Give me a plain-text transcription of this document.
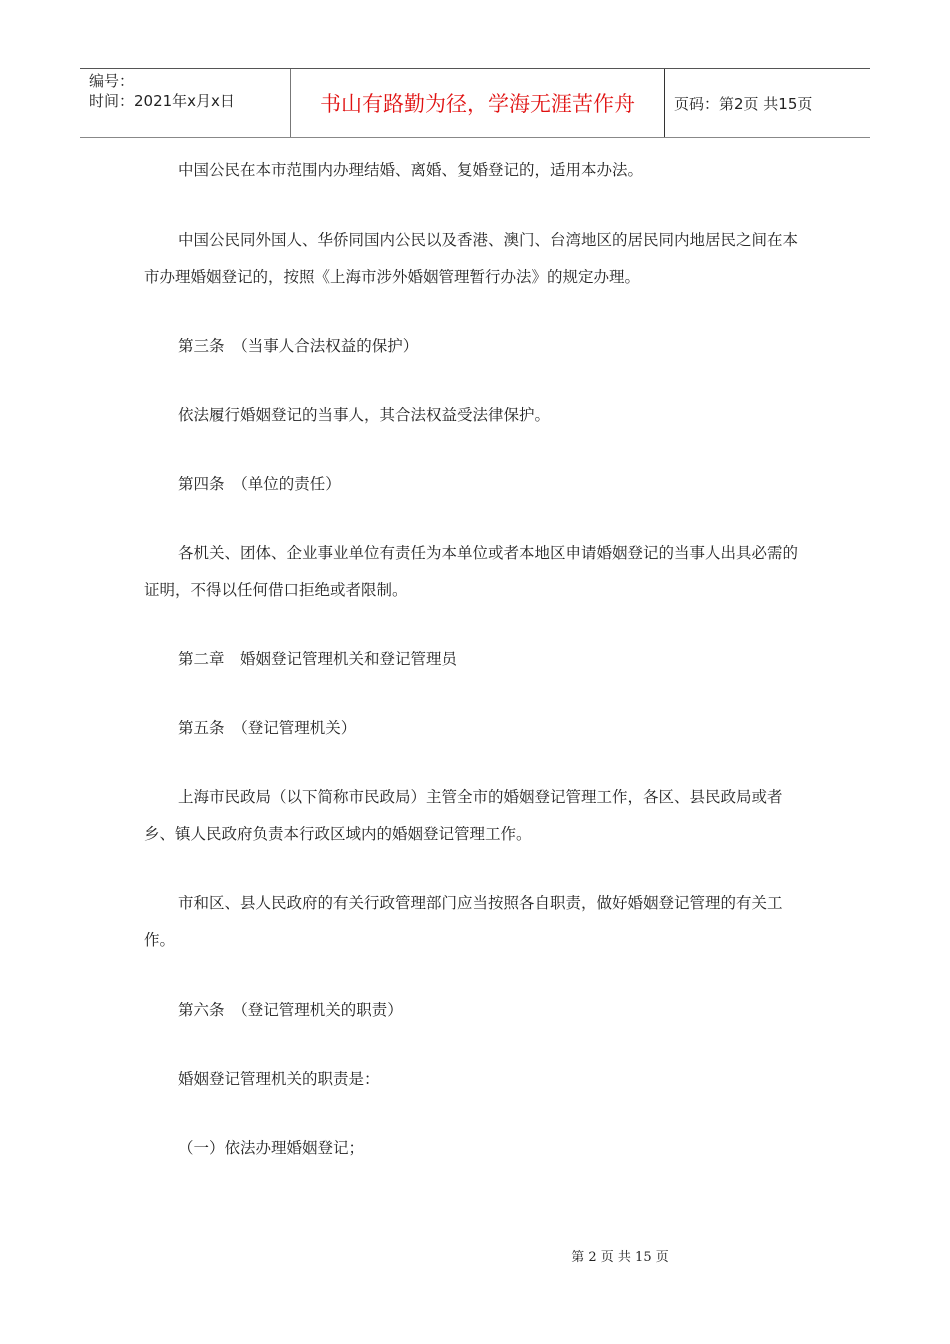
编号：
时间：2021年x月x日	书山有路勤为径，学海无涯苦作舟	页码：第2页 共15页
中国公民在本市范围内办理结婚、离婚、复婚登记的，适用本办法。
中国公民同外国人、华侨同国内公民以及香港、澳门、台湾地区的居民同内地居民之间在本市办理婚姻登记的，按照《上海市涉外婚姻管理暂行办法》的规定办理。
第三条　（当事人合法权益的保护）
依法履行婚姻登记的当事人，其合法权益受法律保护。
第四条　（单位的责任）
各机关、团体、企业事业单位有责任为本单位或者本地区申请婚姻登记的当事人出具必需的证明，不得以任何借口拒绝或者限制。
第二章　婚姻登记管理机关和登记管理员
第五条　（登记管理机关）
上海市民政局（以下简称市民政局）主管全市的婚姻登记管理工作，各区、县民政局或者乡、镇人民政府负责本行政区域内的婚姻登记管理工作。
市和区、县人民政府的有关行政管理部门应当按照各自职责，做好婚姻登记管理的有关工作。
第六条　（登记管理机关的职责）
婚姻登记管理机关的职责是：
（一）依法办理婚姻登记；
第 2 页 共 15 页
